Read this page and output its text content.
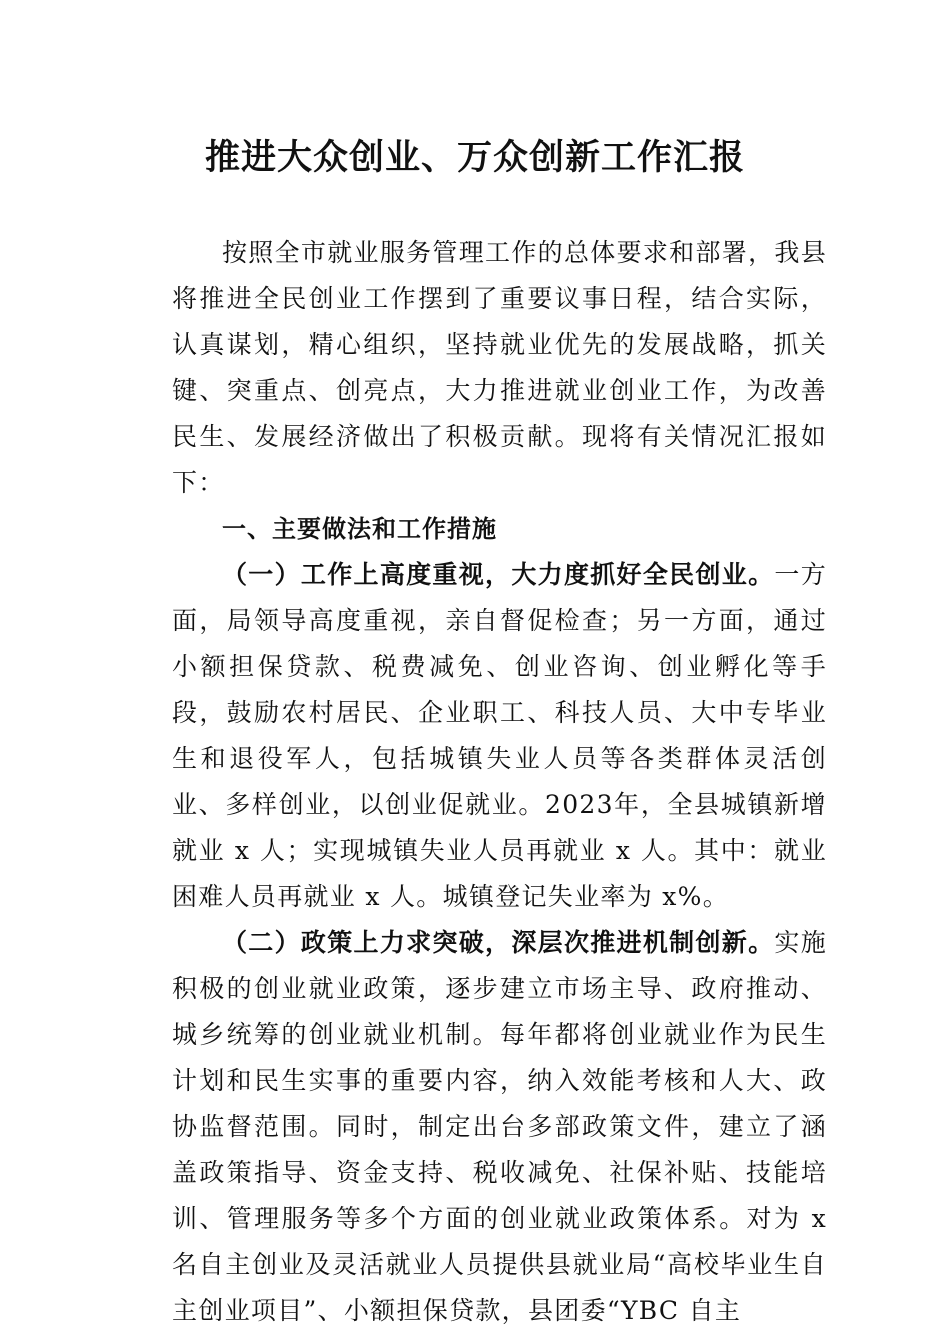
推进大众创业、万众创新工作汇报

按照全市就业服务管理工作的总体要求和部署，我县将推进全民创业工作摆到了重要议事日程，结合实际，认真谋划，精心组织，坚持就业优先的发展战略，抓关键、突重点、创亮点，大力推进就业创业工作，为改善民生、发展经济做出了积极贡献。现将有关情况汇报如下：

一、主要做法和工作措施

（一）工作上高度重视，大力度抓好全民创业。一方面，局领导高度重视，亲自督促检查；另一方面，通过小额担保贷款、税费减免、创业咨询、创业孵化等手段，鼓励农村居民、企业职工、科技人员、大中专毕业生和退役军人，包括城镇失业人员等各类群体灵活创业、多样创业，以创业促就业。2023年，全县城镇新增就业 x 人；实现城镇失业人员再就业 x 人。其中：就业困难人员再就业 x 人。城镇登记失业率为 x%。

（二）政策上力求突破，深层次推进机制创新。实施积极的创业就业政策，逐步建立市场主导、政府推动、城乡统筹的创业就业机制。每年都将创业就业作为民生计划和民生实事的重要内容，纳入效能考核和人大、政协监督范围。同时，制定出台多部政策文件，建立了涵盖政策指导、资金支持、税收减免、社保补贴、技能培训、管理服务等多个方面的创业就业政策体系。对为 x 名自主创业及灵活就业人员提供县就业局“高校毕业生自主创业项目”、小额担保贷款，县团委“YBC 自主
